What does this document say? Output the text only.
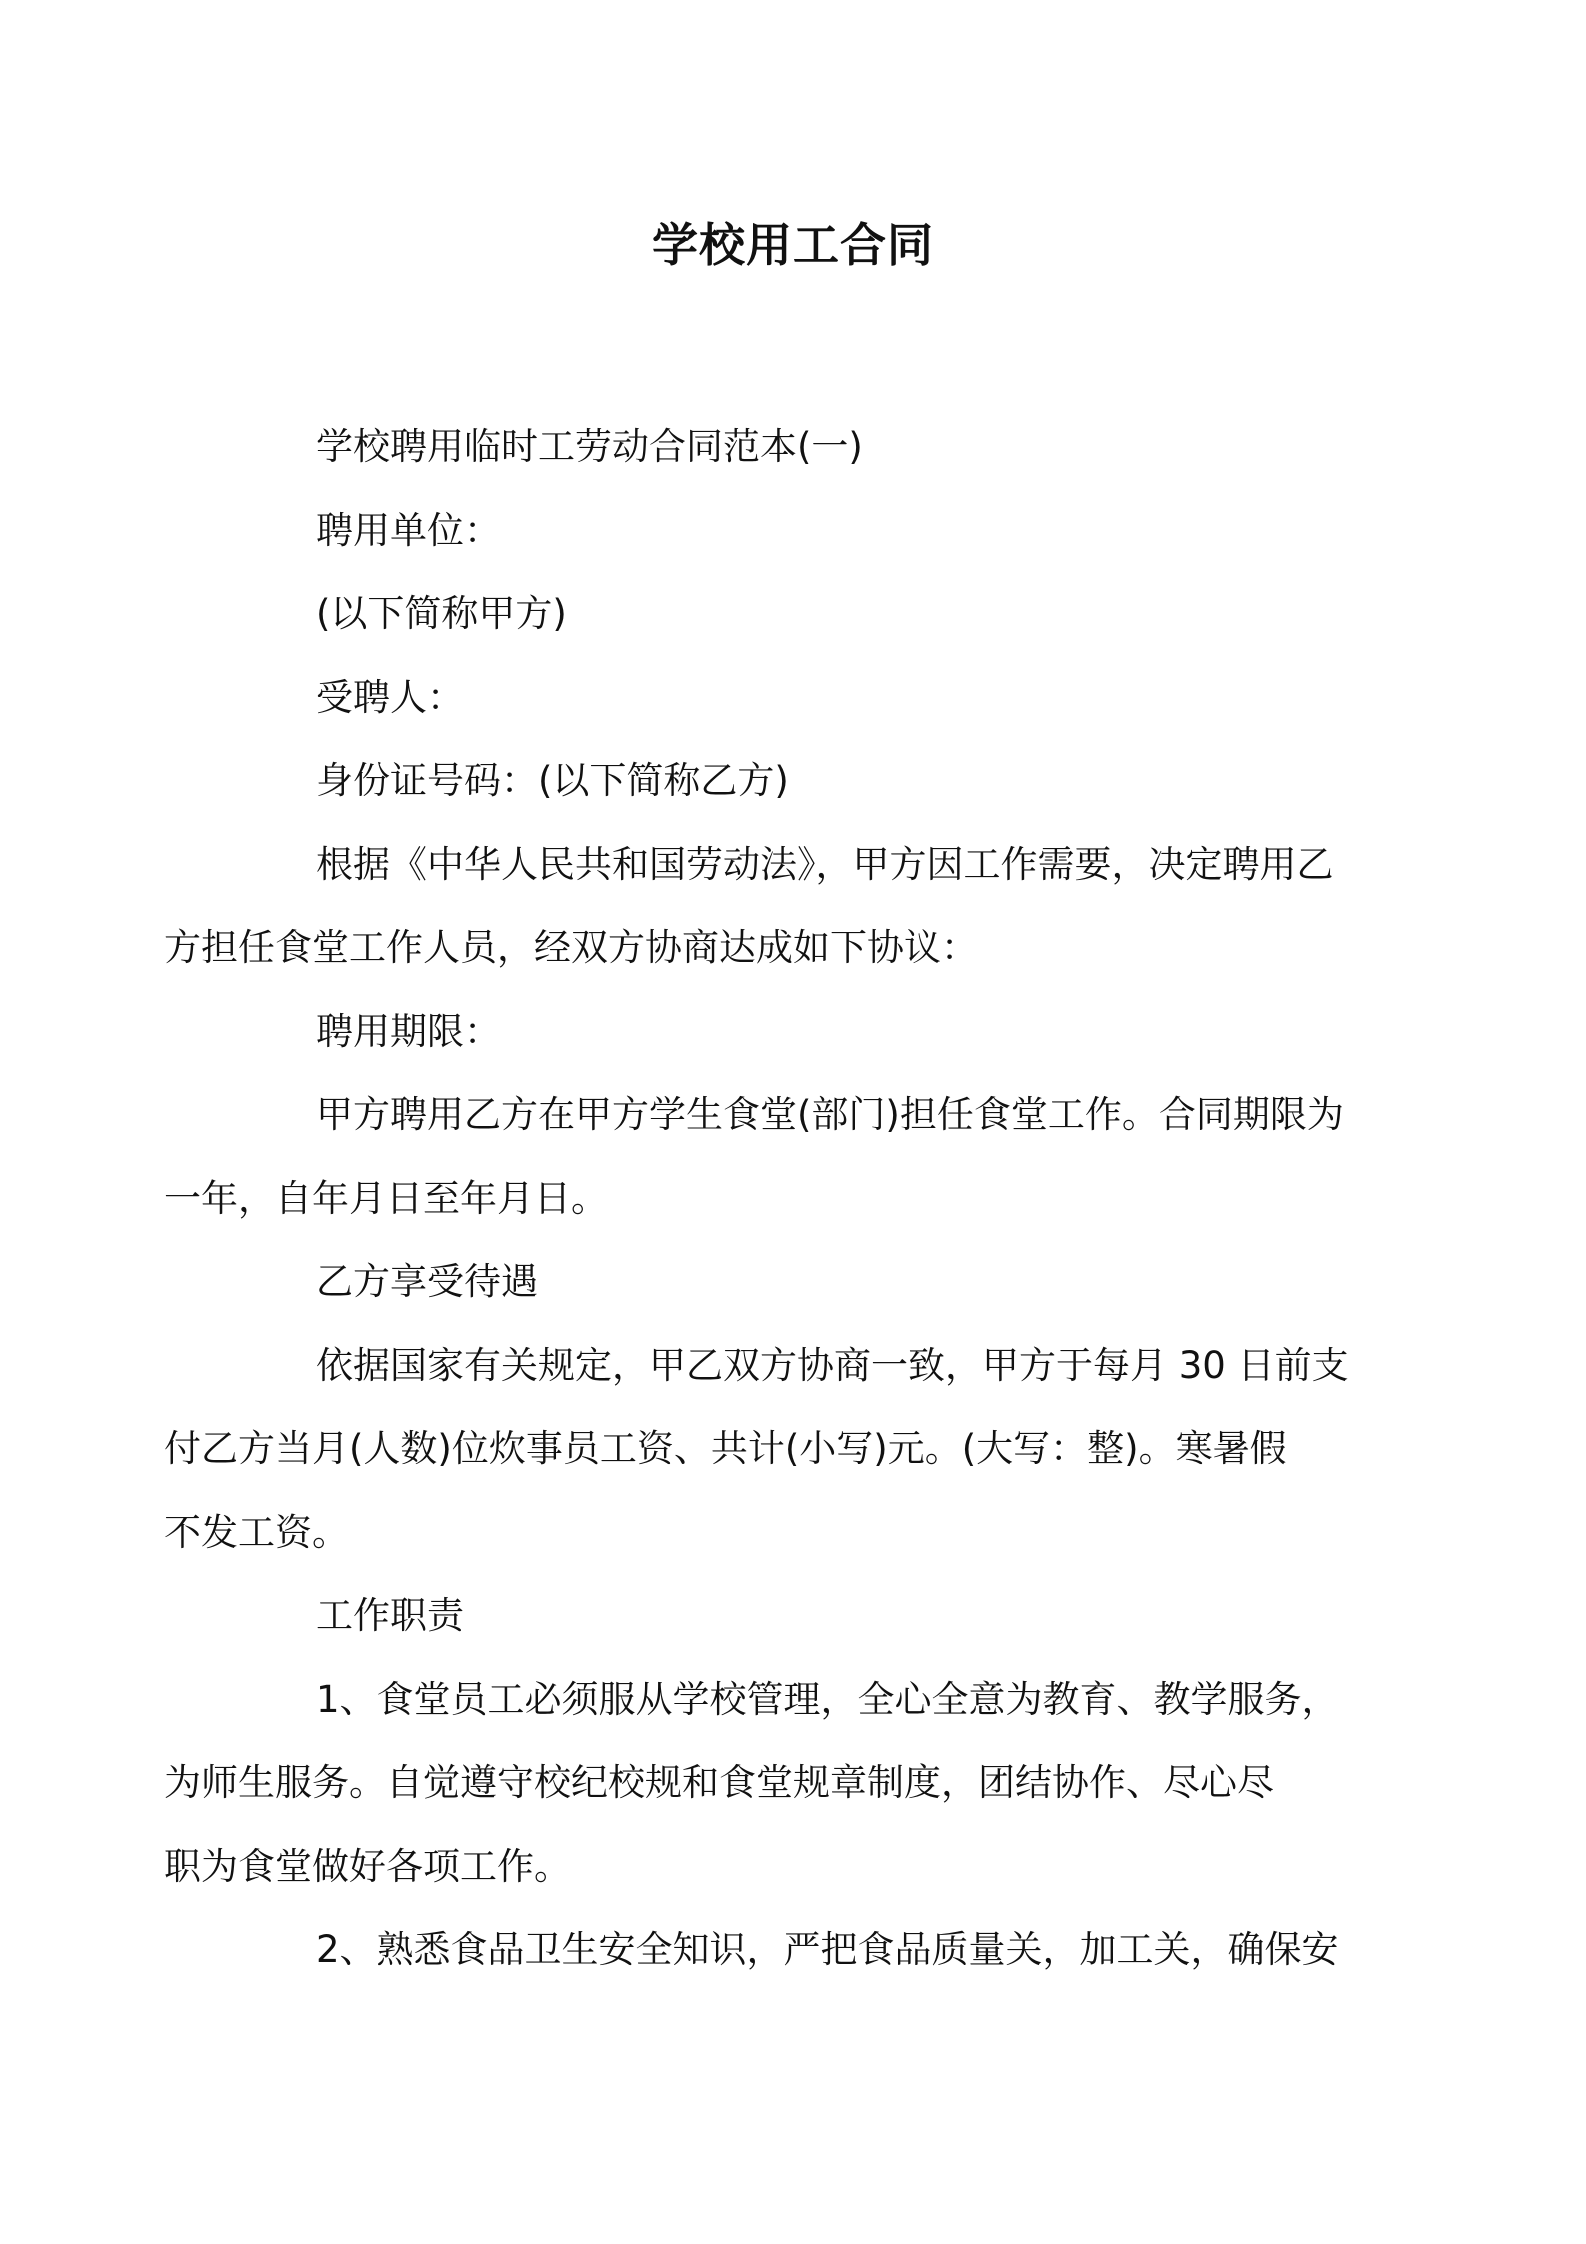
学校用工合同
学校聘用临时工劳动合同范本(一)
聘用单位：
(以下简称甲方)
受聘人：
身份证号码：(以下简称乙方)
根据《中华人民共和国劳动法》，甲方因工作需要，决定聘用乙
方担任食堂工作人员，经双方协商达成如下协议：
聘用期限：
甲方聘用乙方在甲方学生食堂(部门)担任食堂工作。合同期限为
一年，自年月日至年月日。
乙方享受待遇
依据国家有关规定，甲乙双方协商一致，甲方于每月 30 日前支
付乙方当月(人数)位炊事员工资、共计(小写)元。(大写：整)。寒暑假
不发工资。
工作职责
1、食堂员工必须服从学校管理，全心全意为教育、教学服务，
为师生服务。自觉遵守校纪校规和食堂规章制度，团结协作、尽心尽
职为食堂做好各项工作。
2、熟悉食品卫生安全知识，严把食品质量关，加工关，确保安
